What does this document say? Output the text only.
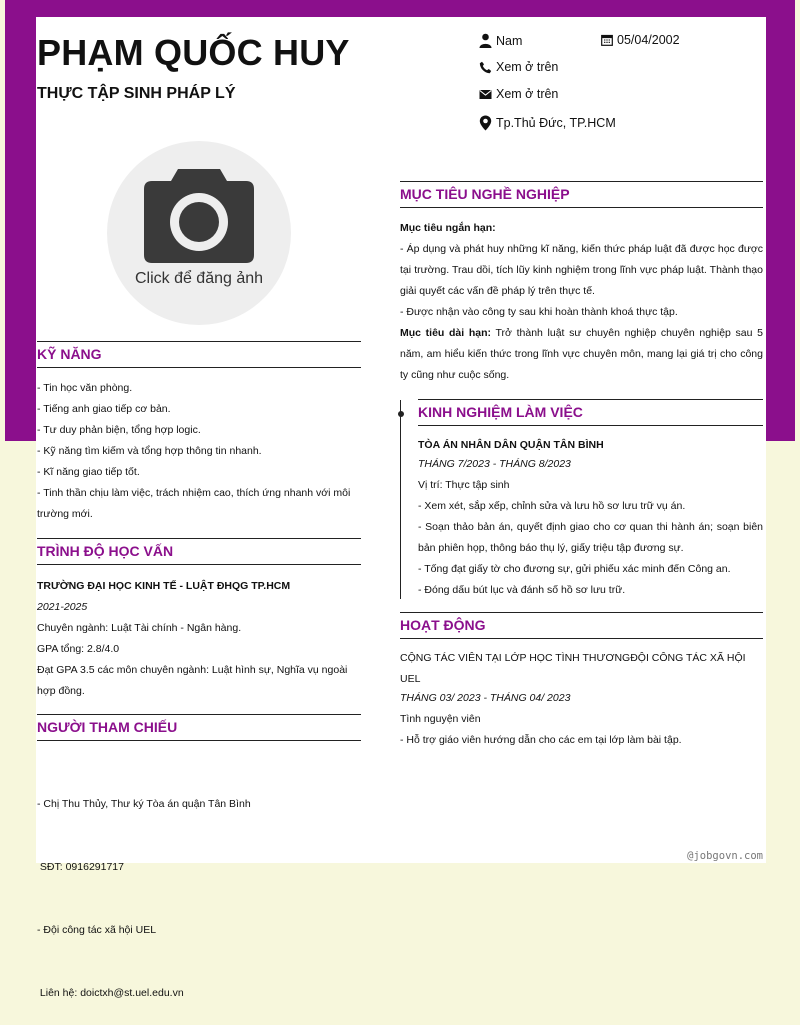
PHẠM QUỐC HUY
THỰC TẬP SINH PHÁP LÝ
Nam	05/04/2002
Xem ở trên
Xem ở trên
Tp.Thủ Đức, TP.HCM
Click để đăng ảnh
KỸ NĂNG

- Tin học văn phòng.

- Tiếng anh giao tiếp cơ bản.

- Tư duy phản biện, tổng hợp logic.

- Kỹ năng tìm kiếm và tổng hợp thông tin nhanh.

- Kĩ năng giao tiếp tốt.

- Tinh thần chịu làm việc, trách nhiệm cao, thích ứng nhanh với môi trường mới.

TRÌNH ĐỘ HỌC VẤN

TRƯỜNG ĐẠI HỌC KINH TẾ - LUẬT ĐHQG TP.HCM

2021-2025

Chuyên ngành: Luật Tài chính - Ngân hàng.

GPA tổng: 2.8/4.0

Đạt GPA 3.5 các môn chuyên ngành: Luật hình sự, Nghĩa vụ ngoài hợp đồng.

NGƯỜI THAM CHIẾU

- Chị Thu Thủy, Thư ký Tòa án quận Tân Bình

SĐT: 0916291717

- Đội công tác xã hội UEL

Liên hệ: doictxh@st.uel.edu.vn

MỤC TIÊU NGHỀ NGHIỆP

Mục tiêu ngắn hạn:

- Áp dụng và phát huy những kĩ năng, kiến thức pháp luật đã được học được tại trường. Trau dồi, tích lũy kinh nghiệm trong lĩnh vực pháp luật. Thành thạo giải quyết các vấn đề pháp lý trên thực tế.

- Được nhận vào công ty sau khi hoàn thành khoá thực tập.

Mục tiêu dài hạn: Trở thành luật sư chuyên nghiệp chuyên nghiệp sau 5 năm, am hiểu kiến thức trong lĩnh vực chuyên môn, mang lại giá trị cho công ty cũng như cuộc sống.

KINH NGHIỆM LÀM VIỆC

TÒA ÁN NHÂN DÂN QUẬN TÂN BÌNH

THÁNG 7/2023 - THÁNG 8/2023

Vị trí: Thực tập sinh

- Xem xét, sắp xếp, chỉnh sửa và lưu hồ sơ lưu trữ vụ án.

- Soạn thảo bản án, quyết định giao cho cơ quan thi hành án; soạn biên bản phiên họp, thông báo thụ lý, giấy triệu tập đương sự.

- Tống đạt giấy tờ cho đương sự, gửi phiếu xác minh đến Công an.

- Đóng dấu bút lục và đánh số hồ sơ lưu trữ.

HOẠT ĐỘNG

CỘNG TÁC VIÊN TẠI LỚP HỌC TÌNH THƯƠNGĐỘI CÔNG TÁC XÃ HỘI UEL

THÁNG 03/ 2023 - THÁNG 04/ 2023

Tình nguyện viên

- Hỗ trợ giáo viên hướng dẫn cho các em tại lớp làm bài tập.

@jobgovn.com
